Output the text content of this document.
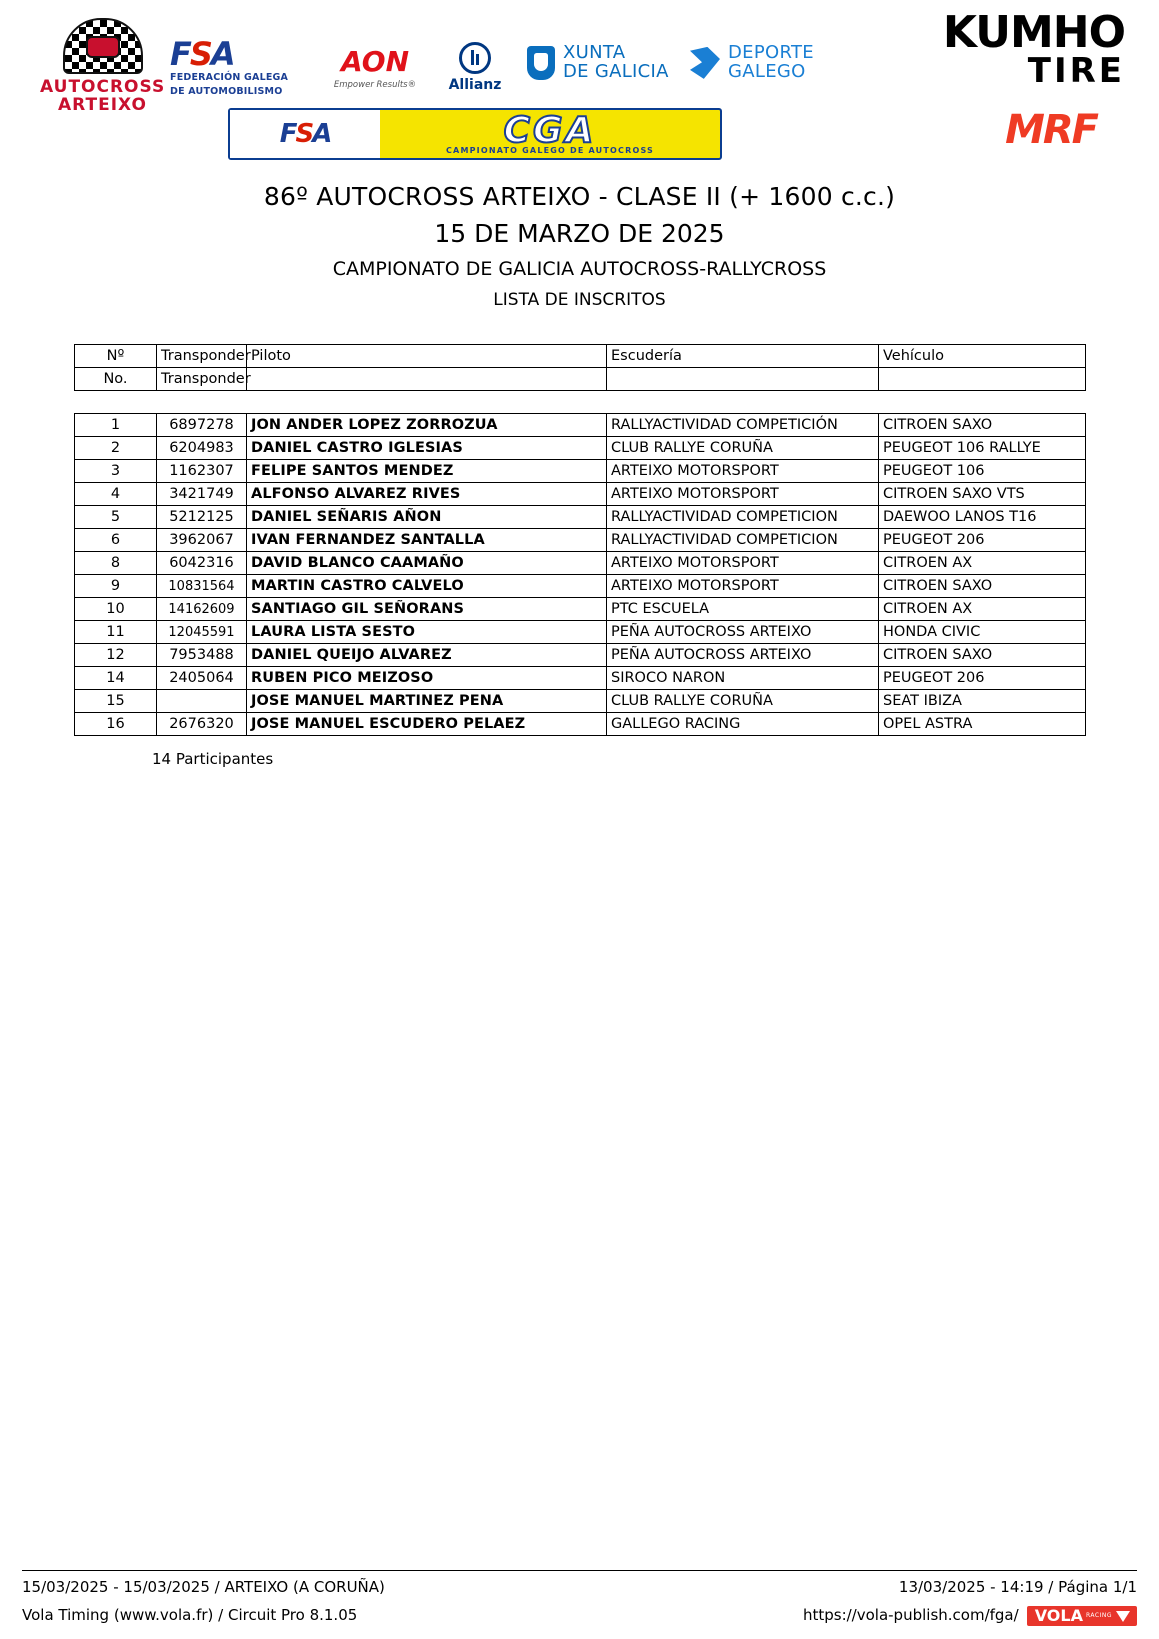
AUTOCROSS
ARTEIXO
FSA
FEDERACIÓN GALEGA
DE AUTOMOBILISMO
AON
Empower Results®	Allianz
XUNTA
DE GALICIA
DEPORTE
GALEGO
KUMHO
TIRE
MRF
FSA	CGA
CAMPIONATO GALEGO DE AUTOCROSS
86º AUTOCROSS ARTEIXO - CLASE II (+ 1600 c.c.)
15 DE MARZO DE 2025
CAMPIONATO DE GALICIA AUTOCROSS-RALLYCROSS
LISTA DE INSCRITOS
Nº	Transponder	Piloto	Escudería	Vehículo
No.	Transponder			
1	6897278	JON ANDER LOPEZ ZORROZUA	RALLYACTIVIDAD COMPETICIÓN	CITROEN SAXO
2	6204983	DANIEL CASTRO IGLESIAS	CLUB RALLYE CORUÑA	PEUGEOT 106 RALLYE
3	1162307	FELIPE SANTOS MENDEZ	ARTEIXO MOTORSPORT	PEUGEOT 106
4	3421749	ALFONSO ALVAREZ RIVES	ARTEIXO MOTORSPORT	CITROEN SAXO VTS
5	5212125	DANIEL SEÑARIS AÑON	RALLYACTIVIDAD COMPETICION	DAEWOO LANOS T16
6	3962067	IVAN FERNANDEZ SANTALLA	RALLYACTIVIDAD COMPETICION	PEUGEOT 206
8	6042316	DAVID BLANCO CAAMAÑO	ARTEIXO MOTORSPORT	CITROEN AX
9	10831564	MARTIN CASTRO CALVELO	ARTEIXO MOTORSPORT	CITROEN SAXO
10	14162609	SANTIAGO GIL SEÑORANS	PTC ESCUELA	CITROEN AX
11	12045591	LAURA LISTA SESTO	PEÑA AUTOCROSS ARTEIXO	HONDA CIVIC
12	7953488	DANIEL QUEIJO ALVAREZ	PEÑA AUTOCROSS ARTEIXO	CITROEN SAXO
14	2405064	RUBEN PICO MEIZOSO	SIROCO NARON	PEUGEOT 206
15		JOSE MANUEL MARTINEZ PENA	CLUB RALLYE CORUÑA	SEAT IBIZA
16	2676320	JOSE MANUEL ESCUDERO PELAEZ	GALLEGO RACING	OPEL ASTRA
14 Participantes
15/03/2025 - 15/03/2025 / ARTEIXO (A CORUÑA)	13/03/2025 - 14:19 / Página 1/1
Vola Timing (www.vola.fr) / Circuit Pro 8.1.05	https://vola-publish.com/fga/ VOLA RACING
